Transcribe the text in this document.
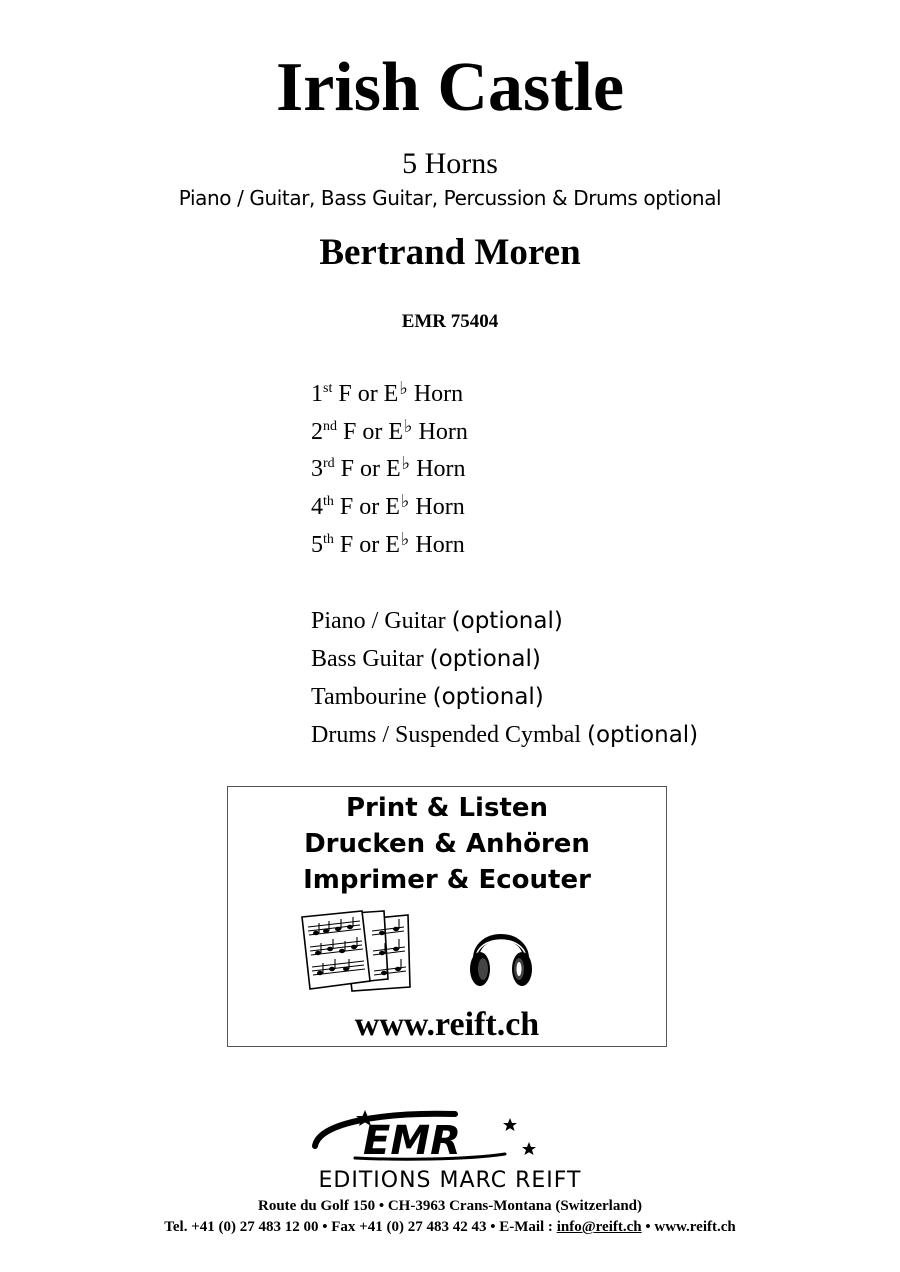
Irish Castle
5 Horns
Piano / Guitar, Bass Guitar, Percussion & Drums optional
Bertrand Moren
EMR 75404
1st F or E♭ Horn
2nd F or E♭ Horn
3rd F or E♭ Horn
4th F or E♭ Horn
5th F or E♭ Horn
Piano / Guitar (optional)
Bass Guitar (optional)
Tambourine (optional)
Drums / Suspended Cymbal (optional)
Print & Listen
Drucken & Anhören
Imprimer & Ecouter
www.reift.ch
EMR
EDITIONS MARC REIFT
Route du Golf 150 • CH-3963 Crans-Montana (Switzerland)
Tel. +41 (0) 27 483 12 00 • Fax +41 (0) 27 483 42 43 • E-Mail : info@reift.ch • www.reift.ch
